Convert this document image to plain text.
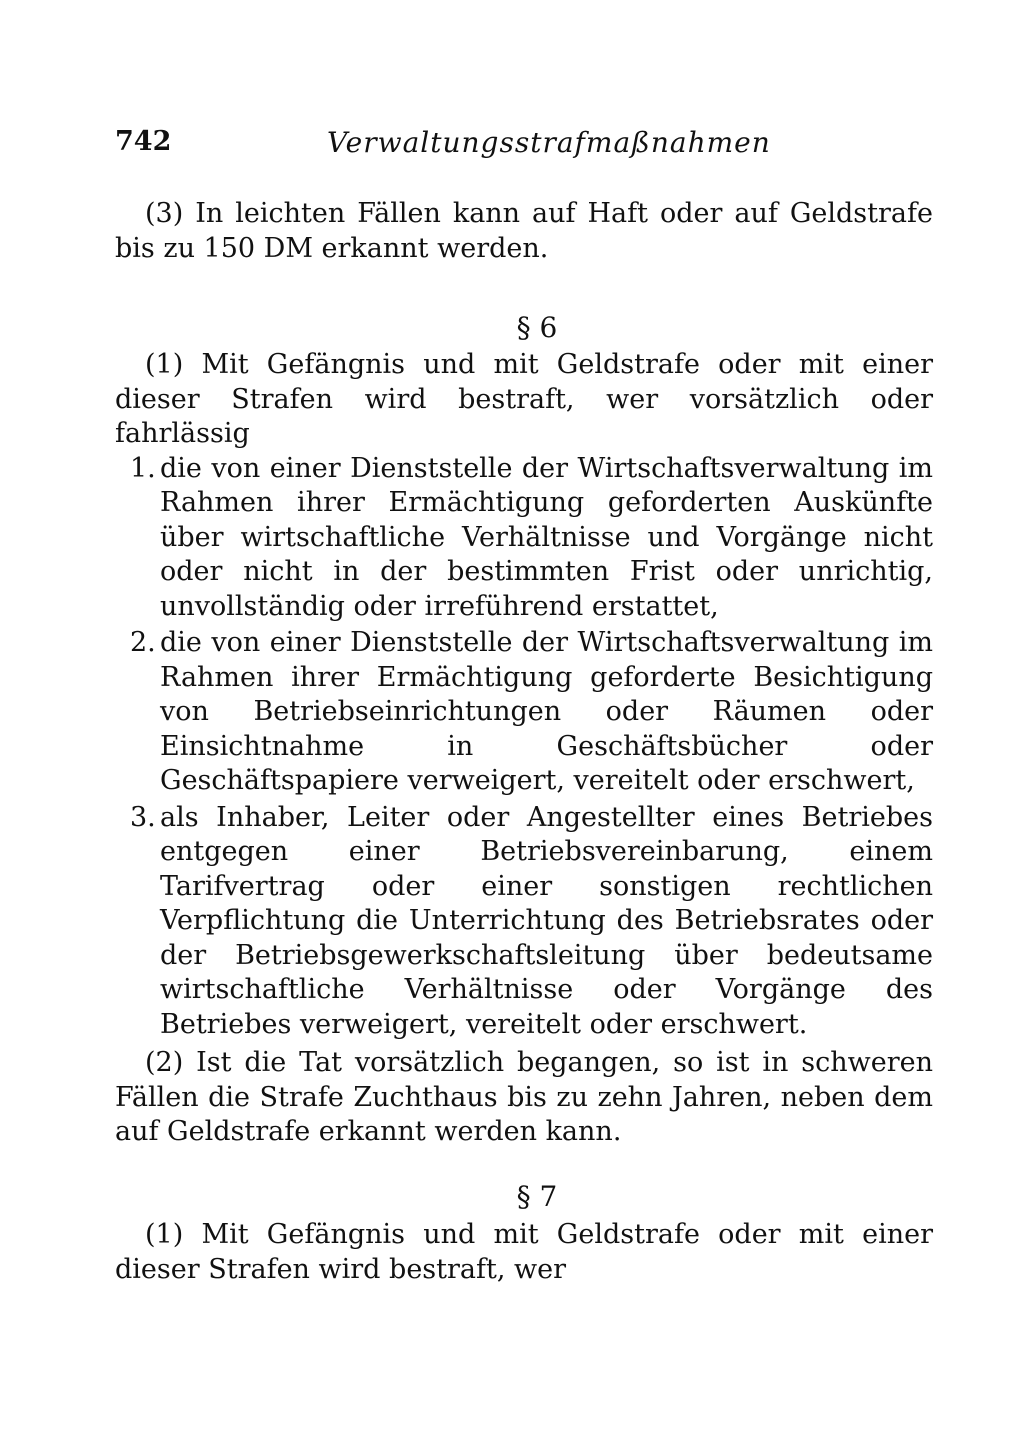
742	Verwaltungsstrafmaßnahmen

(3) In leichten Fällen kann auf Haft oder auf Geldstrafe bis zu 150 DM erkannt werden.

§ 6

(1) Mit Gefängnis und mit Geldstrafe oder mit einer dieser Strafen wird bestraft, wer vorsätzlich oder fahrlässig

1. die von einer Dienststelle der Wirtschaftsverwaltung im Rahmen ihrer Ermächtigung geforderten Auskünfte über wirtschaftliche Verhältnisse und Vorgänge nicht oder nicht in der bestimmten Frist oder unrichtig, unvollständig oder irreführend erstattet,

2. die von einer Dienststelle der Wirtschaftsverwaltung im Rahmen ihrer Ermächtigung geforderte Besichtigung von Betriebseinrichtungen oder Räumen oder Einsichtnahme in Geschäftsbücher oder Geschäftspapiere verweigert, vereitelt oder erschwert,

3. als Inhaber, Leiter oder Angestellter eines Betriebes entgegen einer Betriebsvereinbarung, einem Tarifvertrag oder einer sonstigen rechtlichen Verpflichtung die Unterrichtung des Betriebsrates oder der Betriebsgewerkschaftsleitung über bedeutsame wirtschaftliche Verhältnisse oder Vorgänge des Betriebes verweigert, vereitelt oder erschwert.

(2) Ist die Tat vorsätzlich begangen, so ist in schweren Fällen die Strafe Zuchthaus bis zu zehn Jahren, neben dem auf Geldstrafe erkannt werden kann.

§ 7

(1) Mit Gefängnis und mit Geldstrafe oder mit einer dieser Strafen wird bestraft, wer
